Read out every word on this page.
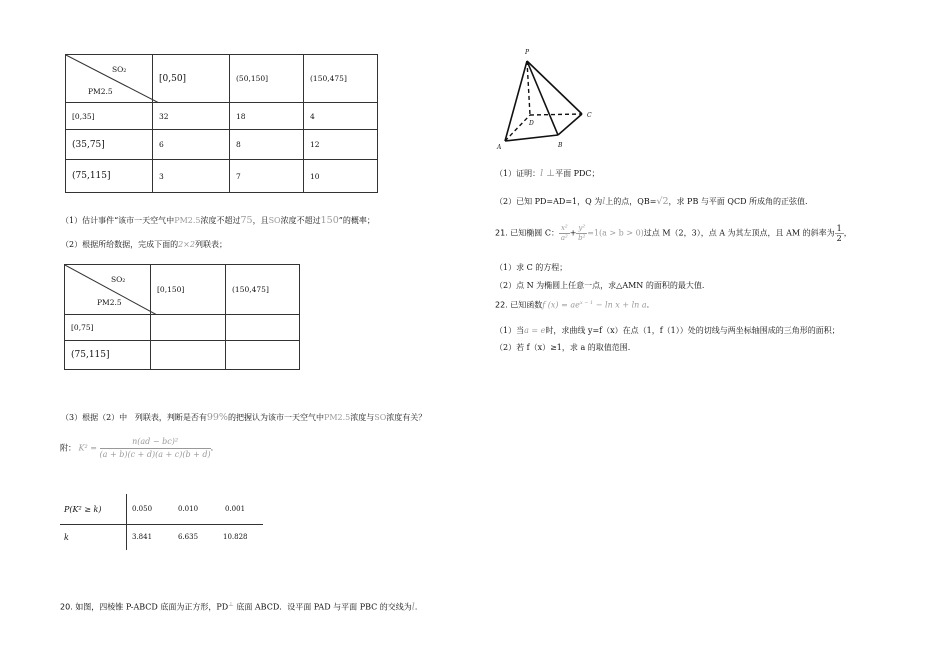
SO₂
PM2.5	[0,50]	(50,150]	(150,475]
[0,35]	32	18	4
(35,75]	6	8	12
(75,115]	3	7	10
（1）估计事件“该市一天空气中PM2.5浓度不超过75，且SO浓度不超过150”的概率；
（2）根据所给数据，完成下面的2×2列联表；
SO₂
PM2.5	[0,150]	(150,475]
[0,75]		
(75,115]		
（3）根据（2）中 列联表，判断是否有99%的把握认为该市一天空气中PM2.5浓度与SO浓度有关？
附： $K^2 = \frac{\text{n(ad − bc)²}}{(a + b)(c + d)(a + c)(b + d)}$ .
P(K² ≥ k)	0.050	0.010	0.001
k	3.841	6.635	10.828
20. 如图，四棱锥 P-ABCD 底面为正方形，PD⊥ 底面 ABCD．设平面 PAD 与平面 PBC 的交线为l．
P
A	B
C
D
（1）证明：l ⊥平面 PDC；
（2）已知 PD=AD=1，Q 为l上的点，QB=√2，求 PB 与平面 QCD 所成角的正弦值.
21. 已知椭圆 C： $\frac{\text{x²}}{\text{a²}} + \frac{\text{y²}}{\text{b²}} =1(a > b > 0)$过点 M（2，3），点 A 为其左顶点，且 AM 的斜率为 $\frac{1}{2}$ ，
（1）求 C 的方程；
（2）点 N 为椭圆上任意一点，求△AMN 的面积的最大值.
22. 已知函数f $(x) = ae^{x - 1} - \ln x + \ln a$.
（1）当a = e时，求曲线 y=f（x）在点（1，f（1））处的切线与两坐标轴围成的三角形的面积；
（2）若 f（x）≥1，求 a 的取值范围.
